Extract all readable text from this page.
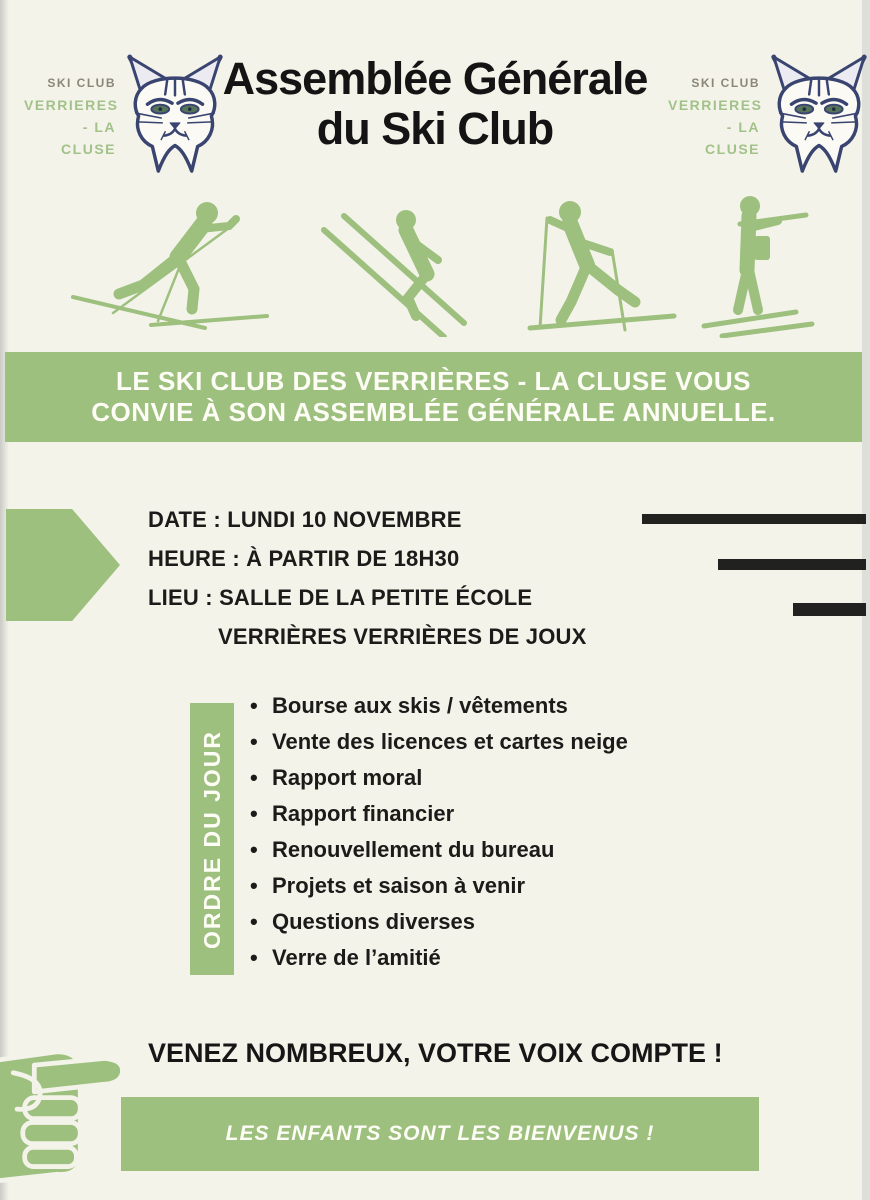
SKI CLUB
VERRIERES
- LA CLUSE
Assemblée Générale
du Ski Club
SKI CLUB
VERRIERES
- LA CLUSE
LE SKI CLUB DES VERRIÈRES - LA CLUSE VOUS
CONVIE À SON ASSEMBLÉE GÉNÉRALE ANNUELLE.
DATE : LUNDI 10 NOVEMBRE
HEURE : À PARTIR DE 18H30
LIEU : SALLE DE LA PETITE ÉCOLE
VERRIÈRES VERRIÈRES DE JOUX
ORDRE DU JOUR
• Bourse aux skis / vêtements
• Vente des licences et cartes neige
• Rapport moral
• Rapport financier
• Renouvellement du bureau
• Projets et saison à venir
• Questions diverses
• Verre de l’amitié
VENEZ NOMBREUX, VOTRE VOIX COMPTE !
LES ENFANTS SONT LES BIENVENUS !
